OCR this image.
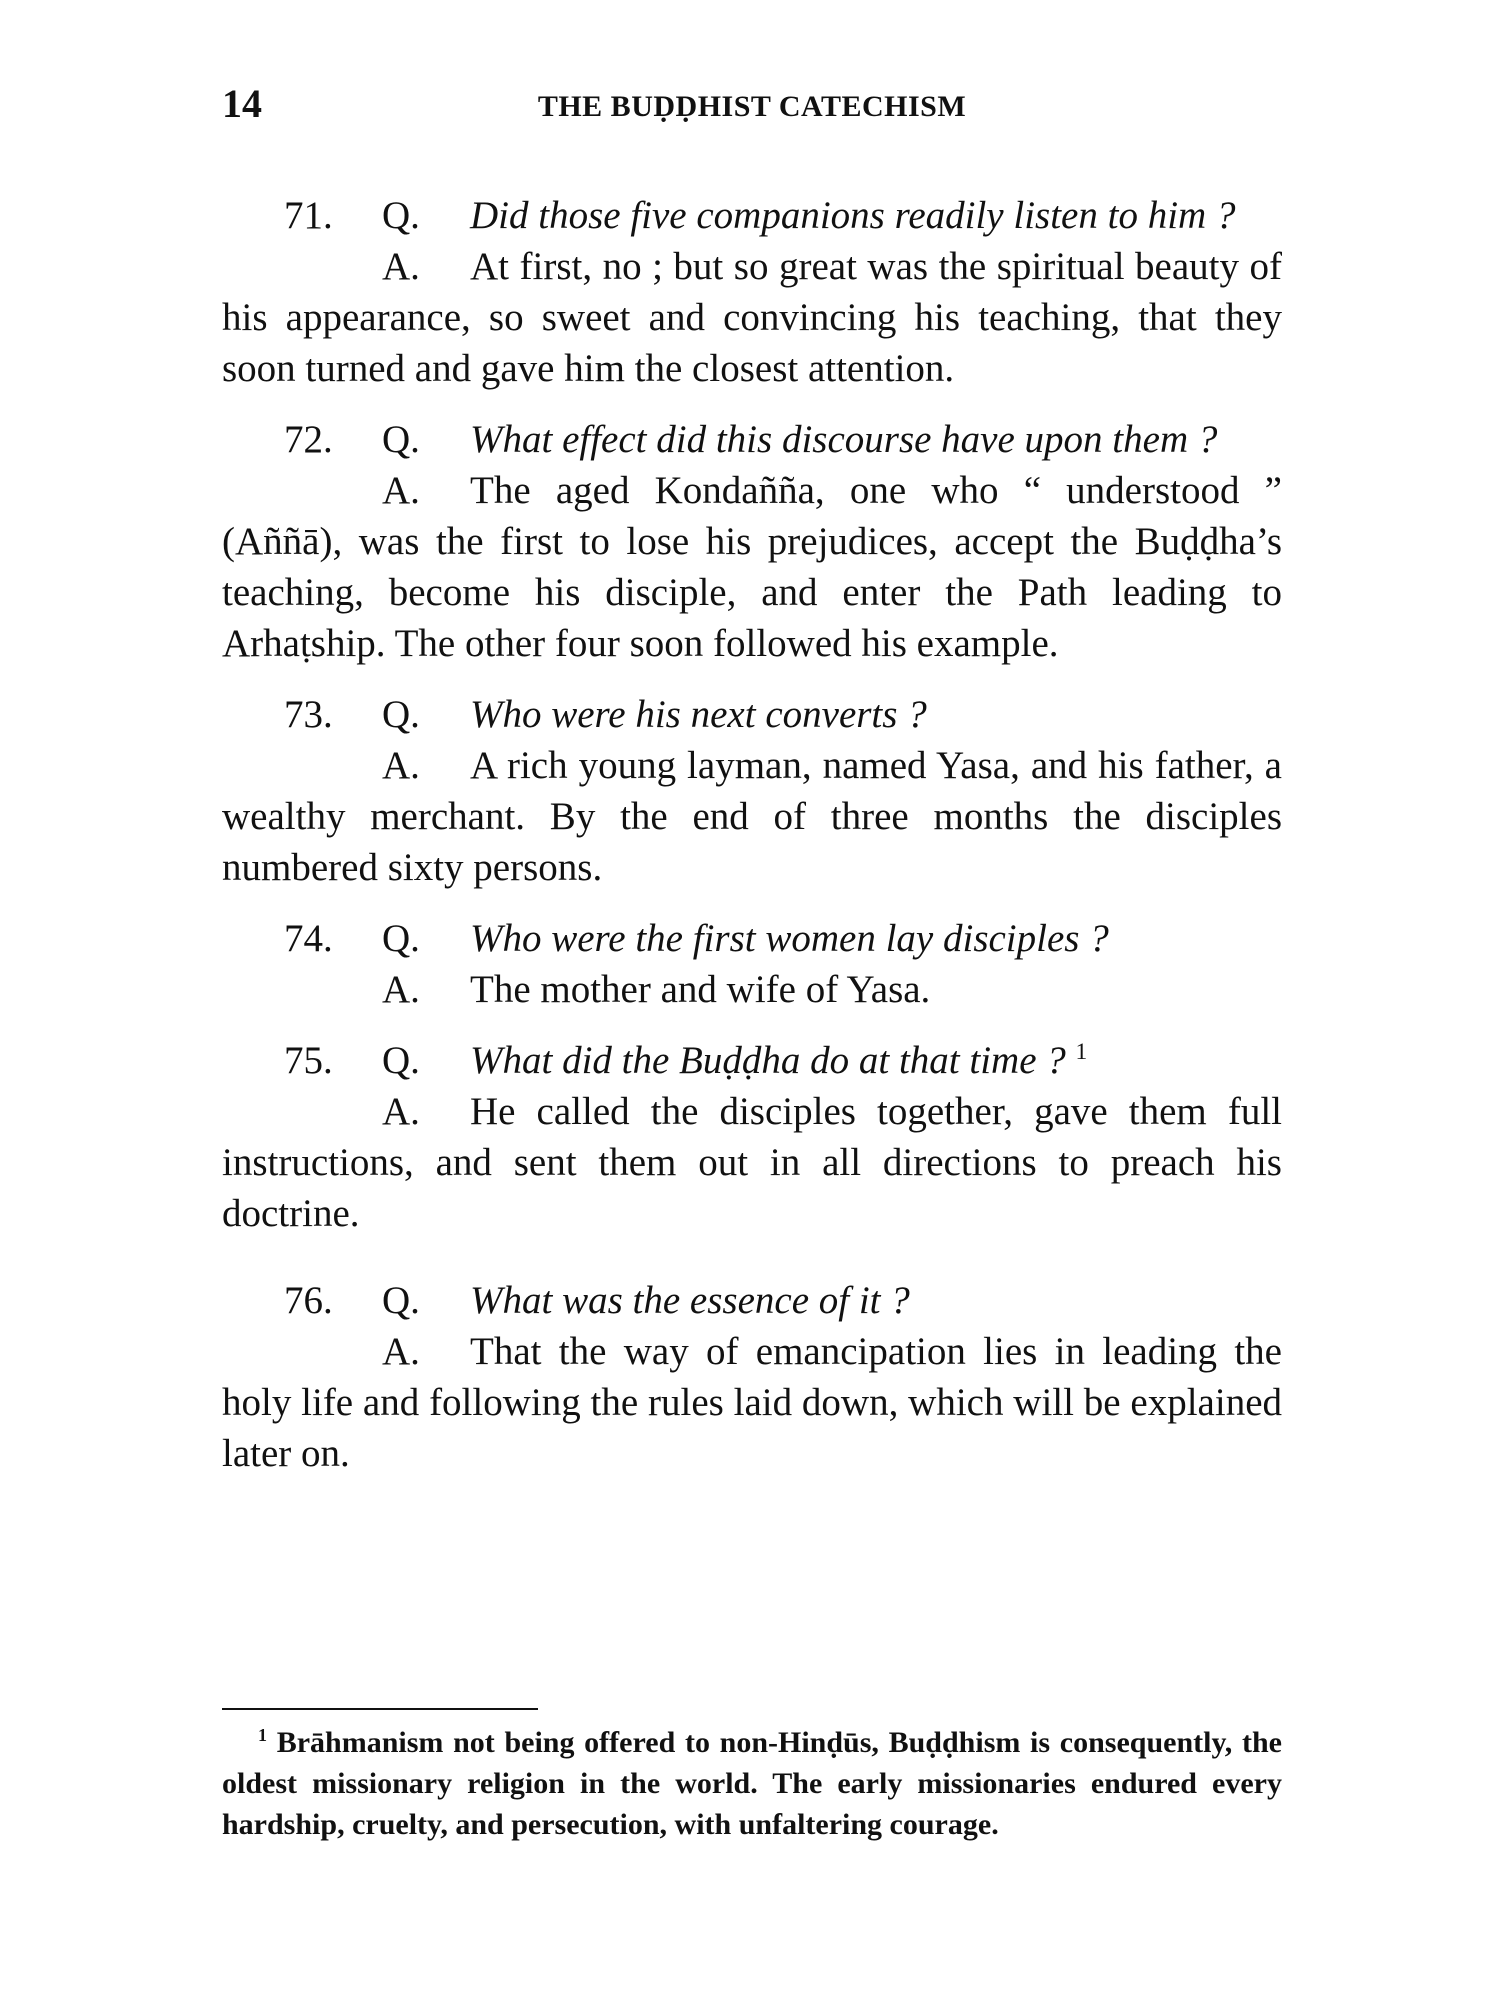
14	THE BUḌḌHIST CATECHISM
71. Q. Did those five companions readily listen to him ?
A. At first, no ; but so great was the spiritual beauty of his appearance, so sweet and convincing his teaching, that they soon turned and gave him the closest attention.
72. Q. What effect did this discourse have upon them ?
A. The aged Kondañña, one who “ understood ” (Aññā), was the first to lose his prejudices, accept the Buḍḍha’s teaching, become his disciple, and enter the Path leading to Arhaṭship. The other four soon followed his example.
73. Q. Who were his next converts ?
A. A rich young layman, named Yasa, and his father, a wealthy merchant. By the end of three months the disciples numbered sixty persons.
74. Q. Who were the first women lay disciples ?
A. The mother and wife of Yasa.
75. Q. What did the Buḍḍha do at that time ? $^1$
A. He called the disciples together, gave them full instructions, and sent them out in all directions to preach his doctrine.
76. Q. What was the essence of it ?
A. That the way of emancipation lies in leading the holy life and following the rules laid down, which will be explained later on.
$^1$ Brāhmanism not being offered to non-Hinḍūs, Buḍḍhism is consequently, the oldest missionary religion in the world. The early missionaries endured every hardship, cruelty, and persecution, with unfaltering courage.
